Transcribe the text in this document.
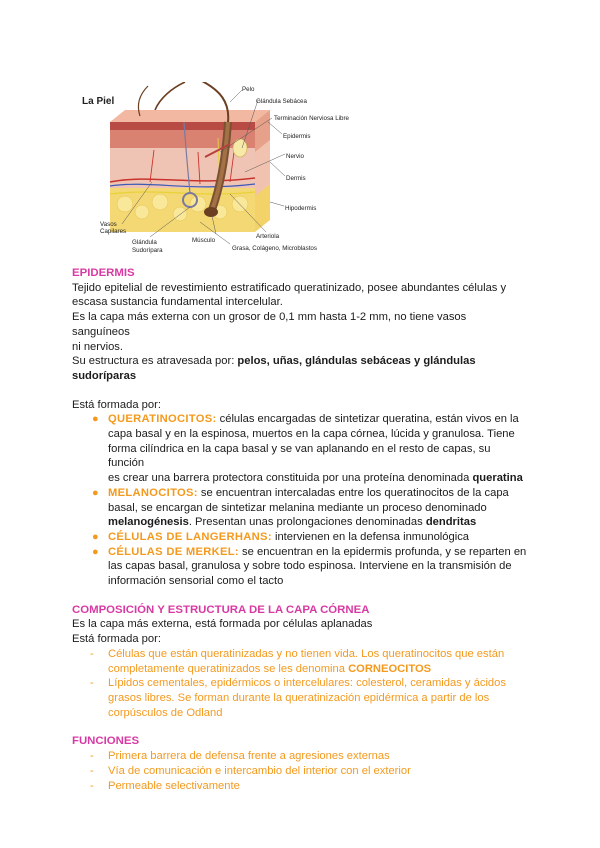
La Piel
Pelo
Glándula Sebácea
Terminación Nerviosa Libre
Epidermis
Nervio
Dermis
Hipodermis
Arteriola
Grasa, Colágeno, Microblastos
Músculo
Glándula
Sudorípara
Vasos
Capilares
EPIDERMIS
Tejido epitelial de revestimiento estratificado queratinizado, posee abundantes células y
escasa sustancia fundamental intercelular.
Es la capa más externa con un grosor de 0,1 mm hasta 1-2 mm, no tiene vasos sanguíneos
ni nervios.
Su estructura es atravesada por: pelos, uñas, glándulas sebáceas y glándulas
sudoríparas
Está formada por:
● QUERATINOCITOS: células encargadas de sintetizar queratina, están vivos en la
capa basal y en la espinosa, muertos en la capa córnea, lúcida y granulosa. Tiene
forma cilíndrica en la capa basal y se van aplanando en el resto de capas, su función
es crear una barrera protectora constituida por una proteína denominada queratina
● MELANOCITOS: se encuentran intercaladas entre los queratinocitos de la capa
basal, se encargan de sintetizar melanina mediante un proceso denominado
melanogénesis. Presentan unas prolongaciones denominadas dendritas
● CÉLULAS DE LANGERHANS: intervienen en la defensa inmunológica
● CÉLULAS DE MERKEL: se encuentran en la epidermis profunda, y se reparten en
las capas basal, granulosa y sobre todo espinosa. Interviene en la transmisión de
información sensorial como el tacto
COMPOSICIÓN Y ESTRUCTURA DE LA CAPA CÓRNEA
Es la capa más externa, está formada por células aplanadas
Está formada por:
- Células que están queratinizadas y no tienen vida. Los queratinocitos que están
completamente queratinizados se les denomina CORNEOCITOS
- Lípidos cementales, epidérmicos o intercelulares: colesterol, ceramidas y ácidos
grasos libres. Se forman durante la queratinización epidérmica a partir de los
corpúsculos de Odland
FUNCIONES
- Primera barrera de defensa frente a agresiones externas
- Vía de comunicación e intercambio del interior con el exterior
- Permeable selectivamente
